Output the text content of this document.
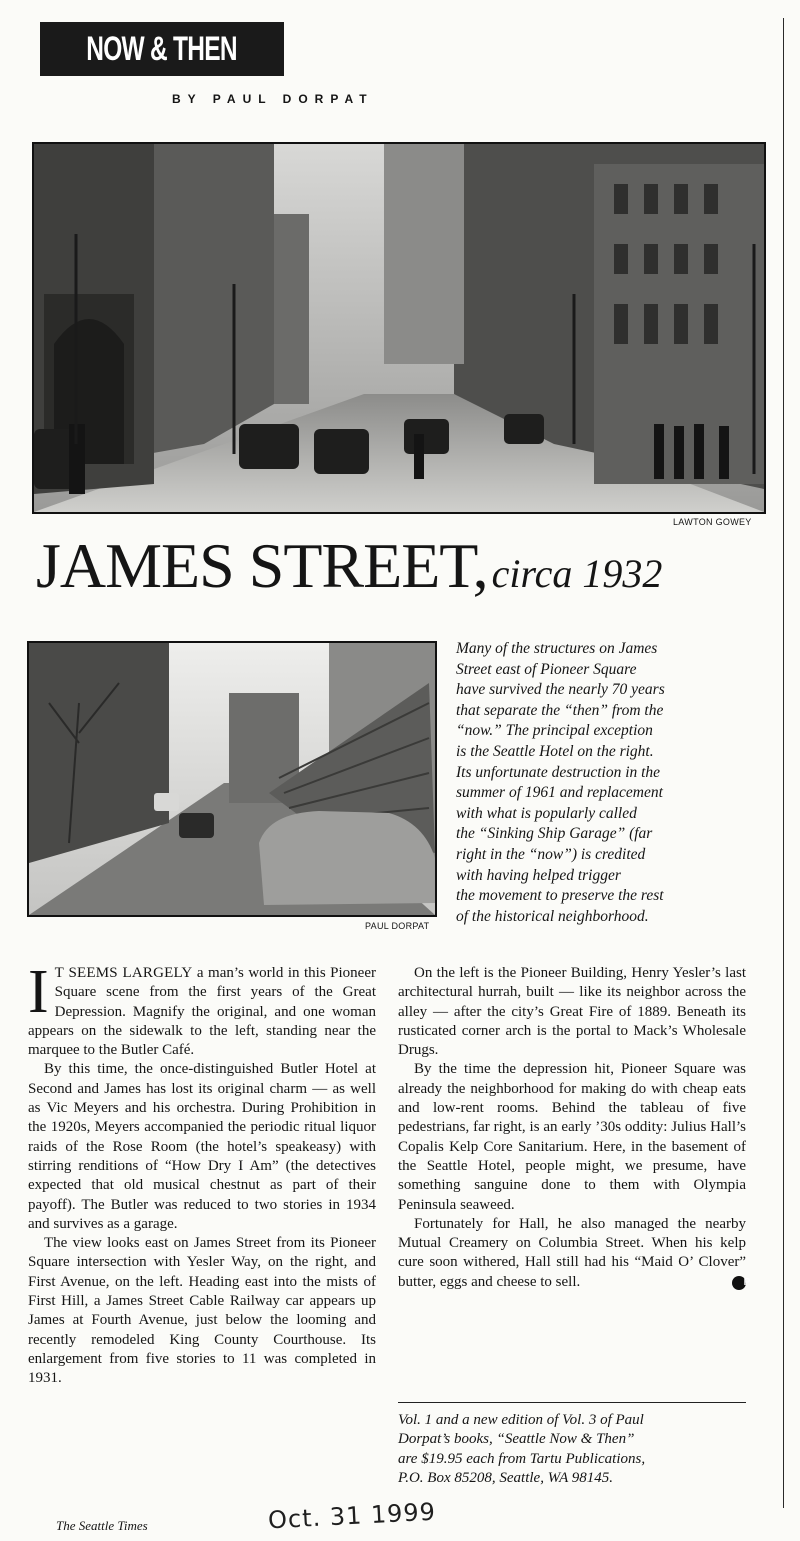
NOW & THEN
BY PAUL DORPAT
LAWTON GOWEY
JAMES STREET, circa 1932
PAUL DORPAT
Many of the structures on James
Street east of Pioneer Square
have survived the nearly 70 years
that separate the “then” from the
“now.” The principal exception
is the Seattle Hotel on the right.
Its unfortunate destruction in the
summer of 1961 and replacement
with what is popularly called
the “Sinking Ship Garage” (far
right in the “now”) is credited
with having helped trigger
the movement to preserve the rest
of the historical neighborhood.

I T SEEMS LARGELY a man’s world in this Pioneer Square scene from the first years of the Great Depression. Magnify the original, and one woman appears on the sidewalk to the left, standing near the marquee to the Butler Café.

By this time, the once-distinguished Butler Hotel at Second and James has lost its original charm — as well as Vic Meyers and his orchestra. During Prohibition in the 1920s, Meyers accompanied the periodic ritual liquor raids of the Rose Room (the hotel’s speakeasy) with stirring renditions of “How Dry I Am” (the detectives expected that old musical chestnut as part of their payoff). The Butler was reduced to two stories in 1934 and survives as a garage.

The view looks east on James Street from its Pioneer Square intersection with Yesler Way, on the right, and First Avenue, on the left. Heading east into the mists of First Hill, a James Street Cable Railway car appears up James at Fourth Avenue, just below the looming and recently remodeled King County Courthouse. Its enlargement from five stories to 11 was completed in 1931.

On the left is the Pioneer Building, Henry Yesler’s last architectural hurrah, built — like its neighbor across the alley — after the city’s Great Fire of 1889. Beneath its rusticated corner arch is the portal to Mack’s Wholesale Drugs.

By the time the depression hit, Pioneer Square was already the neighborhood for making do with cheap eats and low-rent rooms. Behind the tableau of five pedestrians, far right, is an early ’30s oddity: Julius Hall’s Copalis Kelp Core Sanitarium. Here, in the basement of the Seattle Hotel, people might, we presume, have something sanguine done to them with Olympia Peninsula seaweed.

Fortunately for Hall, he also managed the nearby Mutual Creamery on Columbia Street. When his kelp cure soon withered, Hall still had his “Maid O’ Clover” butter, eggs and cheese to sell.	P

Vol. 1 and a new edition of Vol. 3 of Paul
Dorpat’s books, “Seattle Now & Then”
are $19.95 each from Tartu Publications,
P.O. Box 85208, Seattle, WA 98145.
The Seattle Times	Oct. 31 1999
